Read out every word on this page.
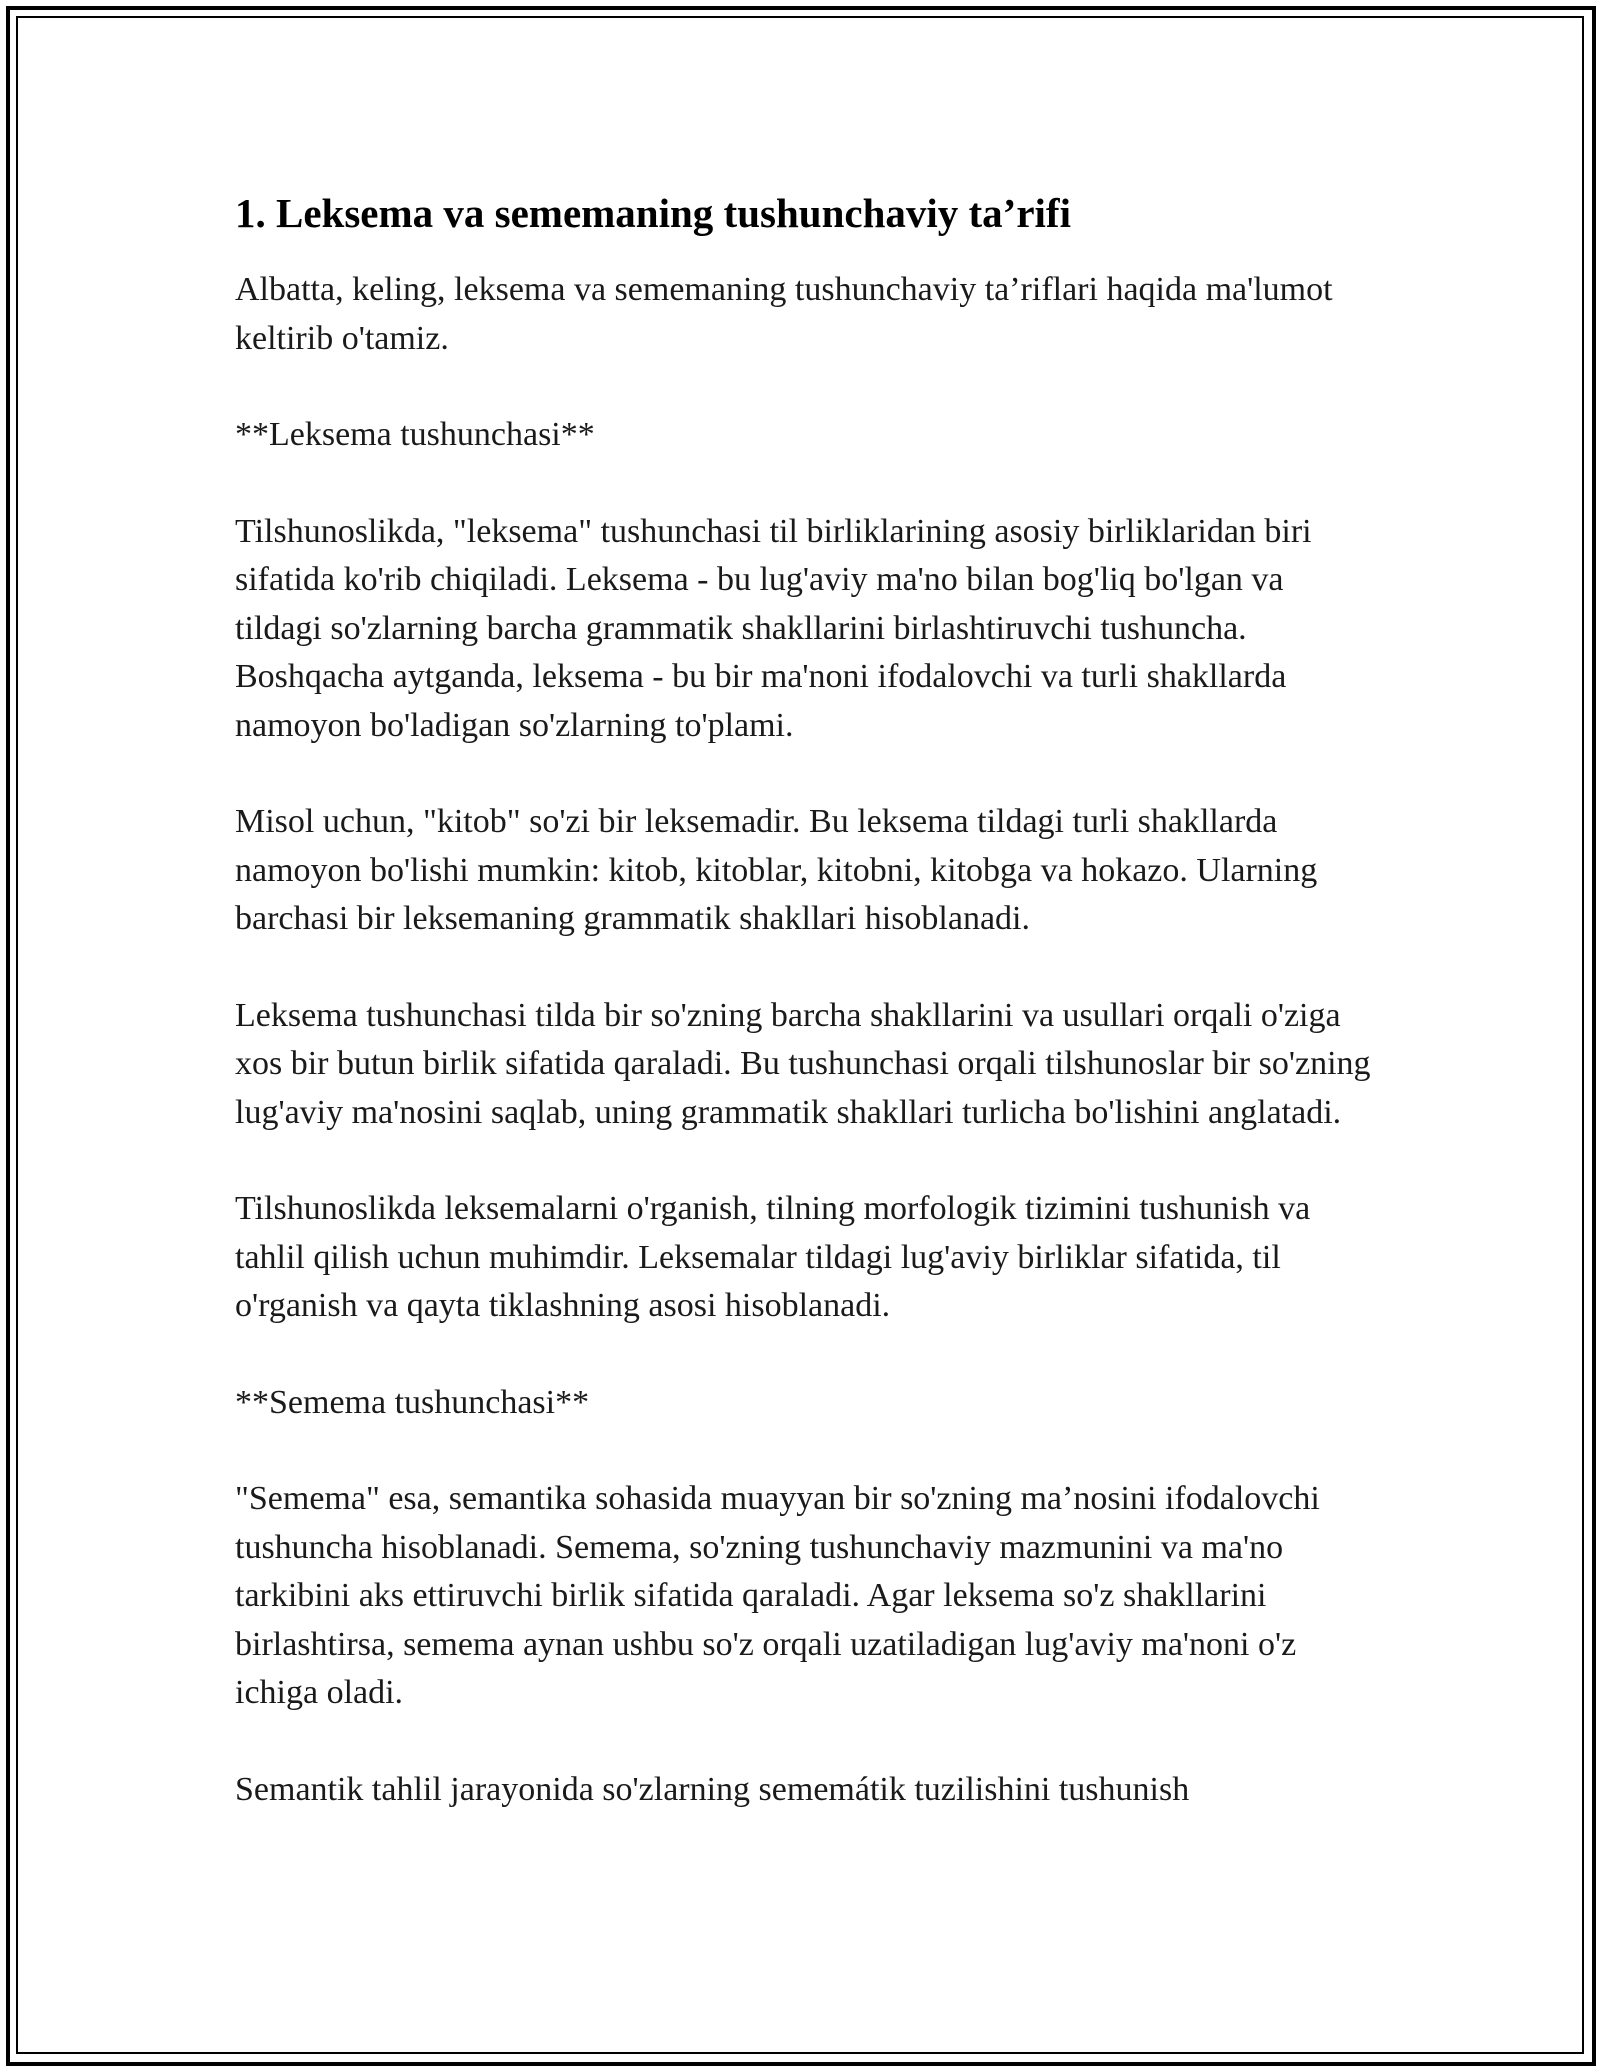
1. Leksema va sememaning tushunchaviy ta’rifi

Albatta, keling, leksema va sememaning tushunchaviy ta’riflari haqida ma'lumot keltirib o'tamiz.

**Leksema tushunchasi**

Tilshunoslikda, "leksema" tushunchasi til birliklarining asosiy birliklaridan biri sifatida ko'rib chiqiladi. Leksema - bu lug'aviy ma'no bilan bog'liq bo'lgan va tildagi so'zlarning barcha grammatik shakllarini birlashtiruvchi tushuncha. Boshqacha aytganda, leksema - bu bir ma'noni ifodalovchi va turli shakllarda namoyon bo'ladigan so'zlarning to'plami.

Misol uchun, "kitob" so'zi bir leksemadir. Bu leksema tildagi turli shakllarda namoyon bo'lishi mumkin: kitob, kitoblar, kitobni, kitobga va hokazo. Ularning barchasi bir leksemaning grammatik shakllari hisoblanadi.

Leksema tushunchasi tilda bir so'zning barcha shakllarini va usullari orqali o'ziga xos bir butun birlik sifatida qaraladi. Bu tushunchasi orqali tilshunoslar bir so'zning lug'aviy ma'nosini saqlab, uning grammatik shakllari turlicha bo'lishini anglatadi.

Tilshunoslikda leksemalarni o'rganish, tilning morfologik tizimini tushunish va tahlil qilish uchun muhimdir. Leksemalar tildagi lug'aviy birliklar sifatida, til o'rganish va qayta tiklashning asosi hisoblanadi.

**Semema tushunchasi**

"Semema" esa, semantika sohasida muayyan bir so'zning ma’nosini ifodalovchi tushuncha hisoblanadi. Semema, so'zning tushunchaviy mazmunini va ma'no tarkibini aks ettiruvchi birlik sifatida qaraladi. Agar leksema so'z shakllarini birlashtirsa, semema aynan ushbu so'z orqali uzatiladigan lug'aviy ma'noni o'z ichiga oladi.

Semantik tahlil jarayonida so'zlarning sememátik tuzilishini tushunish
